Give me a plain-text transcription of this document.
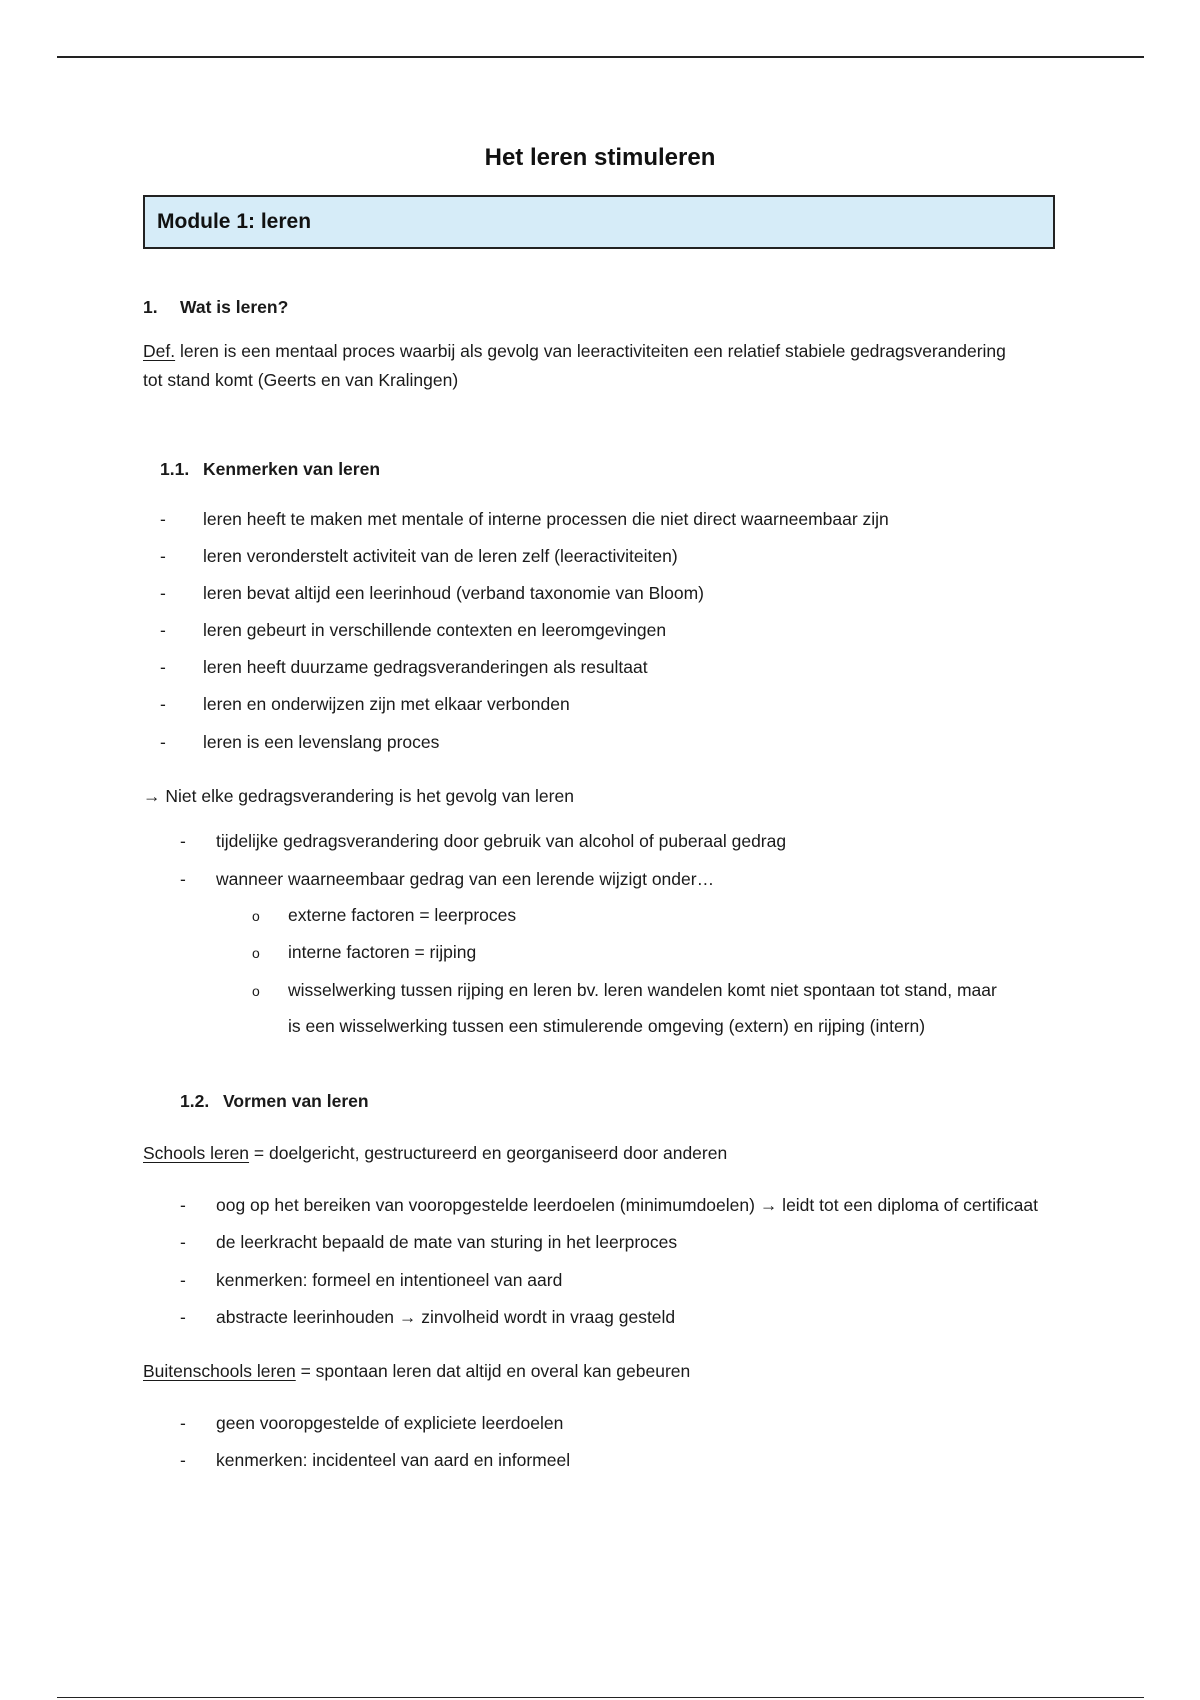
Het leren stimuleren
Module 1: leren
1. Wat is leren?
Def. leren is een mentaal proces waarbij als gevolg van leeractiviteiten een relatief stabiele gedragsverandering
tot stand komt (Geerts en van Kralingen)
1.1. Kenmerken van leren
- leren heeft te maken met mentale of interne processen die niet direct waarneembaar zijn
- leren veronderstelt activiteit van de leren zelf (leeractiviteiten)
- leren bevat altijd een leerinhoud (verband taxonomie van Bloom)
- leren gebeurt in verschillende contexten en leeromgevingen
- leren heeft duurzame gedragsveranderingen als resultaat
- leren en onderwijzen zijn met elkaar verbonden
- leren is een levenslang proces
→ Niet elke gedragsverandering is het gevolg van leren
- tijdelijke gedragsverandering door gebruik van alcohol of puberaal gedrag
- wanneer waarneembaar gedrag van een lerende wijzigt onder…
o externe factoren = leerproces
o interne factoren = rijping
o wisselwerking tussen rijping en leren bv. leren wandelen komt niet spontaan tot stand, maar
is een wisselwerking tussen een stimulerende omgeving (extern) en rijping (intern)
1.2. Vormen van leren
Schools leren = doelgericht, gestructureerd en georganiseerd door anderen
- oog op het bereiken van vooropgestelde leerdoelen (minimumdoelen) → leidt tot een diploma of certificaat
- de leerkracht bepaald de mate van sturing in het leerproces
- kenmerken: formeel en intentioneel van aard
- abstracte leerinhouden → zinvolheid wordt in vraag gesteld
Buitenschools leren = spontaan leren dat altijd en overal kan gebeuren
- geen vooropgestelde of expliciete leerdoelen
- kenmerken: incidenteel van aard en informeel
